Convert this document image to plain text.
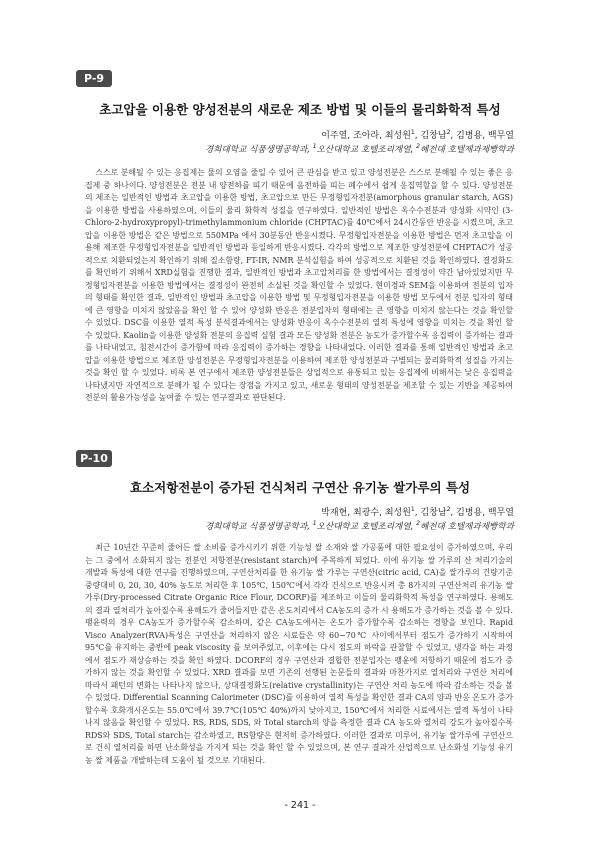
P-9
초고압을 이용한 양성전분의 새로운 제조 방법 및 이들의 물리화학적 특성
이주열, 조아라, 최성원$^1$, 김창남$^2$, 김병용, 백무열
경희대학교 식품생명공학과, $^1$오산대학교 호텔조리계열, $^2$혜전대 호텔제과제빵학과

스스로 분해될 수 있는 응집제는 물의 오염을 줄일 수 있어 큰 관심을 받고 있고 양성전분은 스스로 분해될 수 있는 좋은 응집제 중 하나이다. 양성전분은 전분 내 양전하를 띠기 때문에 음전하를 띠는 폐수에서 쉽게 응집역할을 할 수 있다. 양성전분의 제조는 일반적인 방법과 초고압을 이용한 방법, 초고압으로 만든 무정형입자전분(amorphous granular starch, AGS)을 이용한 방법을 사용하였으며, 이들의 물리 화학적 성질을 연구하였다. 일반적인 방법은 옥수수전분과 양성화 시약인 (3-Chloro-2-hydroxypropyl)-trimethylammonium chloride (CHPTAC)를 40℃에서 24시간동안 반응을 시켰으며, 초고압을 이용한 방법은 같은 방법으로 550MPa 에서 30분동안 반응시켰다. 무정형입자전분을 이용한 방법은 먼저 초고압을 이용해 제조한 무정형입자전분을 일반적인 방법과 동일하게 반응시켰다. 각각의 방법으로 제조한 양성전분에 CHPTAC가 성공적으로 치환되었는지 확인하기 위해 질소함량, FT-IR, NMR 분석실험을 하여 성공적으로 치환된 것을 확인하였다. 결정화도를 확인하기 위해서 XRD실험을 진행한 결과, 일반적인 방법과 초고압처리를 한 방법에서는 결정성이 약간 남아있었지만 무정형입자전분을 이용한 방법에서는 결정성이 완전히 소실된 것을 확인할 수 있었다. 현미경과 SEM을 이용하여 전분의 입자의 형태를 확인한 결과, 일반적인 방법과 초고압을 이용한 방법 및 무정형입자전분을 이용한 방법 모두에서 전분 입자의 형태에 큰 영향을 미치지 않았음을 확인 할 수 있어 양성화 반응은 전분입자의 형태에는 큰 영향을 미치지 않는다는 것을 확인할 수 있었다. DSC를 이용한 열적 특성 분석결과에서는 양성화 반응이 옥수수전분의 열적 특성에 영향을 미치는 것을 확인 할 수 있었다. Kaolin을 이용한 양성화 전분의 응집력 실험 결과 모든 양성화 전분은 농도가 증가할수록 응집력이 증가하는 결과를 나타내었고, 침전시간이 증가함에 따라 응집력이 증가하는 경향을 나타내었다. 이러한 결과를 통해 일반적인 방법과 초고압을 이용한 방법으로 제조한 양성전분은 무정형입자전분을 이용하여 제조한 양성전분과 구별되는 물리화학적 성질을 가지는 것을 확인 할 수 있었다. 비록 본 연구에서 제조한 양성전분들은 상업적으로 유통되고 있는 응집제에 비해서는 낮은 응집력을 나타냈지만 자연적으로 분해가 될 수 있다는 장점을 가지고 있고, 새로운 형태의 양성전분을 제조할 수 있는 기반을 제공하여 전분의 활용가능성을 높여줄 수 있는 연구결과로 판단된다.

P-10
효소저항전분이 증가된 건식처리 구연산 유기농 쌀가루의 특성
박재현, 최광수, 최성원$^1$, 김창남$^2$, 김병용, 백무열
경희대학교 식품생명공학과, $^1$오산대학교 호텔조리계열, $^2$혜전대 호텔제과제빵학과

최근 10년간 꾸준히 줄어든 쌀 소비를 증가시키기 위한 기능성 쌀 소재와 쌀 가공품에 대한 필요성이 증가하였으며, 우리는 그 중에서 소화되지 않는 전분인 저항전분(resistant starch)에 주목하게 되었다. 이에 유기농 쌀 가루의 산 처리기술의 개발과 특성에 대한 연구를 진행하였으며, 구연산처리를 한 유기농 쌀 가루는 구연산(citric acid, CA)을 쌀가루의 건량기준 중량대비 0, 20, 30, 40% 농도로 처리한 후 105℃, 150℃에서 각각 건식으로 반응시켜 총 8가지의 구연산처리 유기농 쌀가루(Dry-processed Citrate Organic Rice Flour, DCORF)를 제조하고 이들의 물리화학적 특성을 연구하였다. 용해도의 결과 열처리가 높아질수록 용해도가 줄어들지만 같은 온도처리에서 CA농도의 증가 시 용해도가 증가하는 것을 볼 수 있다. 팽윤력의 경우 CA농도가 증가할수록 감소하며, 같은 CA농도에서는 온도가 증가할수록 감소하는 경향을 보인다. Rapid Visco Analyzer(RVA)특성은 구연산을 처리하지 않은 시료들은 약 60~70℃ 사이에서부터 점도가 증가하기 시작하여 95℃를 유지하는 중반에 peak viscosity 를 보여주었고, 이후에는 다시 점도의 하락을 관찰할 수 있었고, 냉각을 하는 과정에서 점도가 재상승하는 것을 확인 하였다. DCORF의 경우 구연산과 결합한 전분입자는 팽윤에 저항하기 때문에 점도가 증가하지 않는 것을 확인할 수 있었다. XRD 결과를 보면 기존의 선행된 논문들의 결과와 마찬가지로 열처리와 구연산 처리에 따라서 패턴의 변화는 나타나지 않으나, 상대결정화도(relative crystallinity)는 구연산 처리 농도에 따라 감소하는 것을 볼 수 있었다. Differential Scanning Calorimeter (DSC)를 이용하여 열적 특성을 확인한 결과 CA의 양과 반응 온도가 증가할수록 호화개시온도는 55.0℃에서 39.7℃(105℃ 40%)까지 낮아지고, 150℃에서 처리한 시료에서는 열적 특성이 나타나지 않음을 확인할 수 있었다. RS, RDS, SDS, 와 Total starch의 양을 측정한 결과 CA 농도와 열처리 강도가 높아질수록 RDS와 SDS, Total starch는 감소하였고, RS함량은 현저히 증가하였다. 이러한 결과로 미루어, 유기농 쌀가루에 구연산으로 건식 열처리를 하면 난소화성을 가지게 되는 것을 확인 할 수 있었으며, 본 연구 결과가 산업적으로 난소화성 기능성 유기농 쌀 제품을 개발하는데 도움이 될 것으로 기대된다.

- 241 -
